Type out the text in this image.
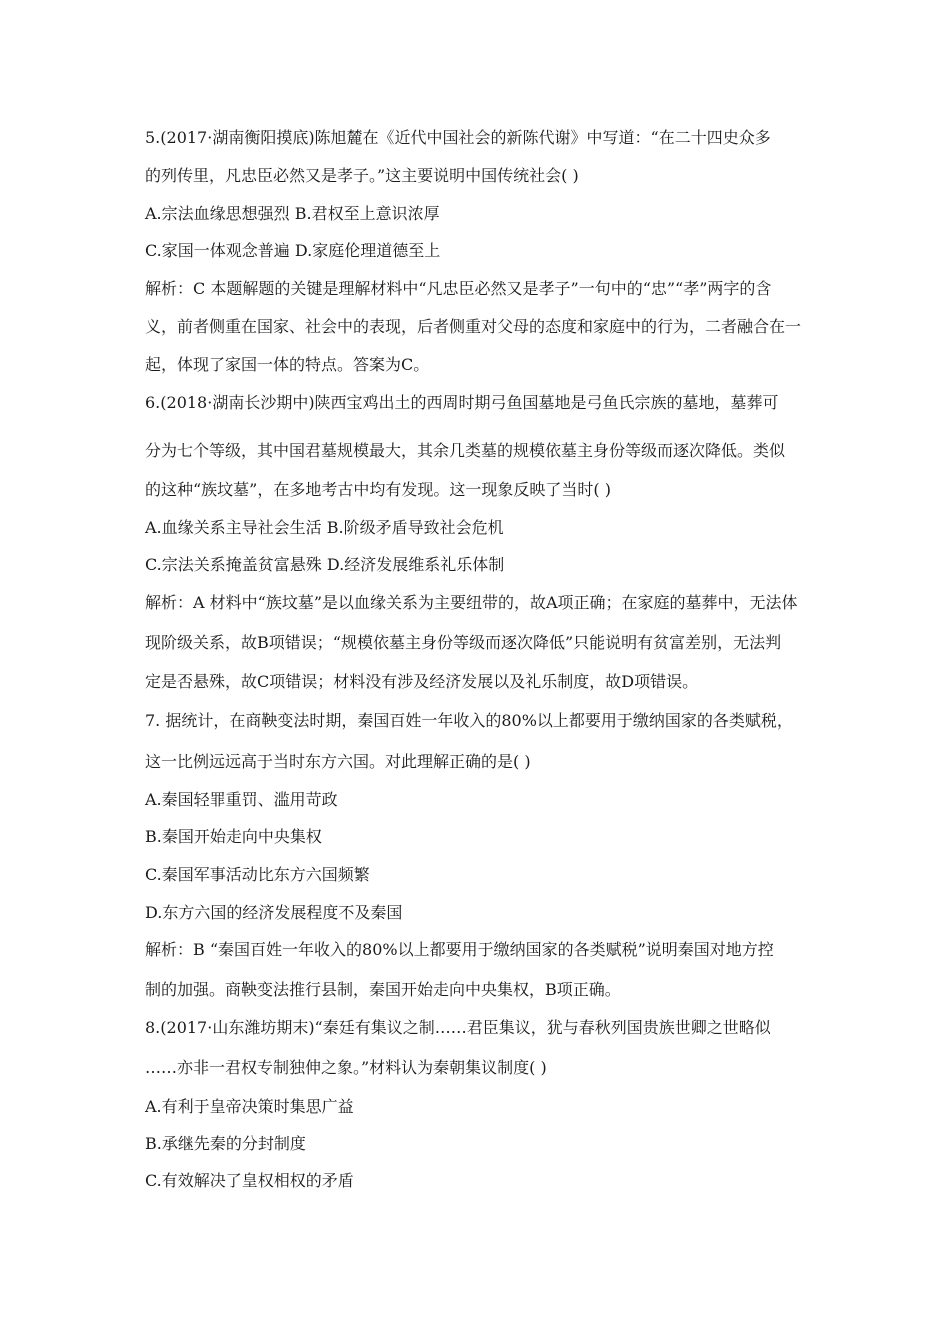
5.(2017·湖南衡阳摸底)陈旭麓在《近代中国社会的新陈代谢》中写道：“在二十四史众多
的列传里，凡忠臣必然又是孝子。”这主要说明中国传统社会( )
A.宗法血缘思想强烈 B.君权至上意识浓厚
C.家国一体观念普遍 D.家庭伦理道德至上
解析：C 本题解题的关键是理解材料中“凡忠臣必然又是孝子”一句中的“忠”“孝”两字的含
义，前者侧重在国家、社会中的表现，后者侧重对父母的态度和家庭中的行为，二者融合在一
起，体现了家国一体的特点。答案为C。
6.(2018·湖南长沙期中)陕西宝鸡出土的西周时期弓鱼国墓地是弓鱼氏宗族的墓地，墓葬可
分为七个等级，其中国君墓规模最大，其余几类墓的规模依墓主身份等级而逐次降低。类似
的这种“族坟墓”，在多地考古中均有发现。这一现象反映了当时( )
A.血缘关系主导社会生活 B.阶级矛盾导致社会危机
C.宗法关系掩盖贫富悬殊 D.经济发展维系礼乐体制
解析：A 材料中“族坟墓”是以血缘关系为主要纽带的，故A项正确；在家庭的墓葬中，无法体
现阶级关系，故B项错误；“规模依墓主身份等级而逐次降低”只能说明有贫富差别，无法判
定是否悬殊，故C项错误；材料没有涉及经济发展以及礼乐制度，故D项错误。
7. 据统计，在商鞅变法时期，秦国百姓一年收入的80%以上都要用于缴纳国家的各类赋税，
这一比例远远高于当时东方六国。对此理解正确的是( )
A.秦国轻罪重罚、滥用苛政
B.秦国开始走向中央集权
C.秦国军事活动比东方六国频繁
D.东方六国的经济发展程度不及秦国
解析：B “秦国百姓一年收入的80%以上都要用于缴纳国家的各类赋税”说明秦国对地方控
制的加强。商鞅变法推行县制，秦国开始走向中央集权，B项正确。
8.(2017·山东潍坊期末)“秦廷有集议之制……君臣集议，犹与春秋列国贵族世卿之世略似
……亦非一君权专制独伸之象。”材料认为秦朝集议制度( )
A.有利于皇帝决策时集思广益
B.承继先秦的分封制度
C.有效解决了皇权相权的矛盾
